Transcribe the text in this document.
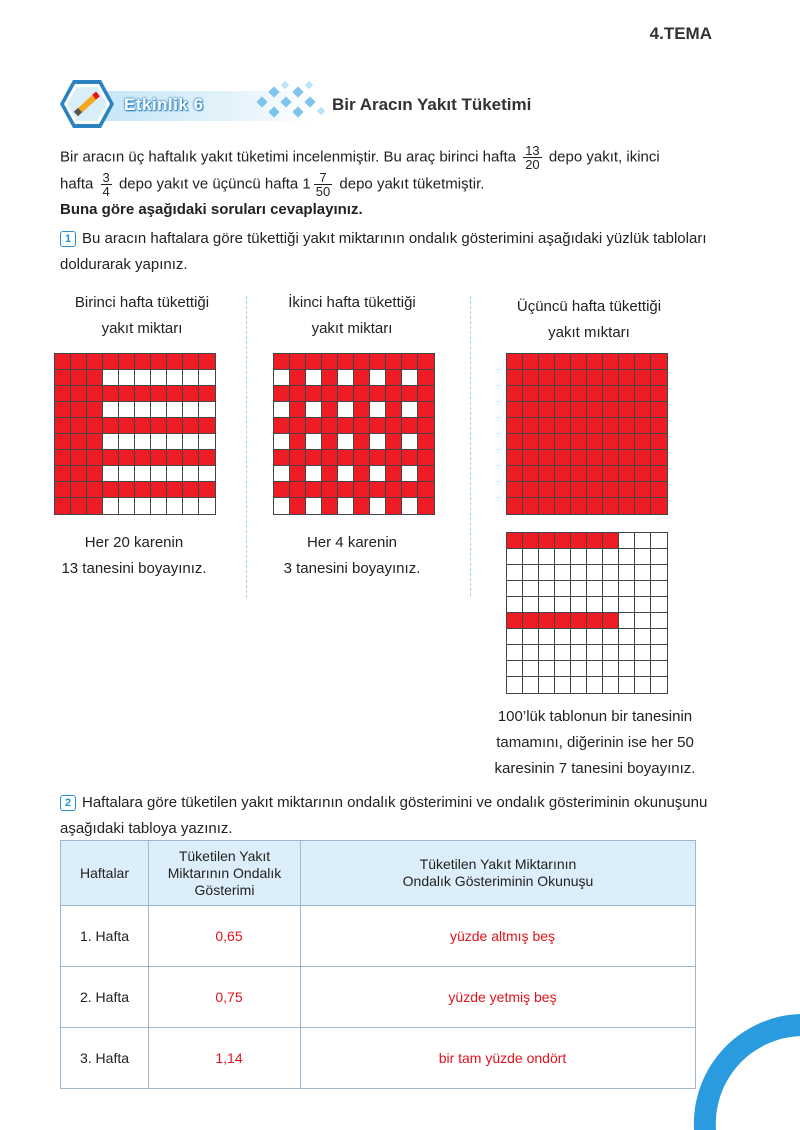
4.TEMA
Etkinlik 6	Bir Aracın Yakıt Tüketimi
Bir aracın üç haftalık yakıt tüketimi incelenmiştir. Bu araç birinci hafta $\frac{13}{20}$ depo yakıt, ikinci
hafta $\frac{3}{4}$ depo yakıt ve üçüncü hafta $1 \frac{7}{50}$ depo yakıt tüketmiştir.
Buna göre aşağıdaki soruları cevaplayınız.
1 Bu aracın haftalara göre tükettiği yakıt miktarının ondalık gösterimini aşağıdaki yüzlük tabloları doldurarak yapınız.
Birinci hafta tükettiği
yakıt miktarı
İkinci hafta tükettiği
yakıt miktarı
Üçüncü hafta tükettiği
yakıt mıktarı
Her 20 karenin
13 tanesini boyayınız.
Her 4 karenin
3 tanesini boyayınız.
100’lük tablonun bir tanesinin
tamamını, diğerinin ise her 50
karesinin 7 tanesini boyayınız.
2 Haftalara göre tüketilen yakıt miktarının ondalık gösterimini ve ondalık gösteriminin okunuşunu aşağıdaki tabloya yazınız.
Haftalar	Tüketilen Yakıt
Miktarının Ondalık
Gösterimi	Tüketilen Yakıt Miktarının
Ondalık Gösteriminin Okunuşu
1. Hafta	0,65	yüzde altmış beş
2. Hafta	0,75	yüzde yetmiş beş
3. Hafta	1,14	bir tam yüzde ondört
